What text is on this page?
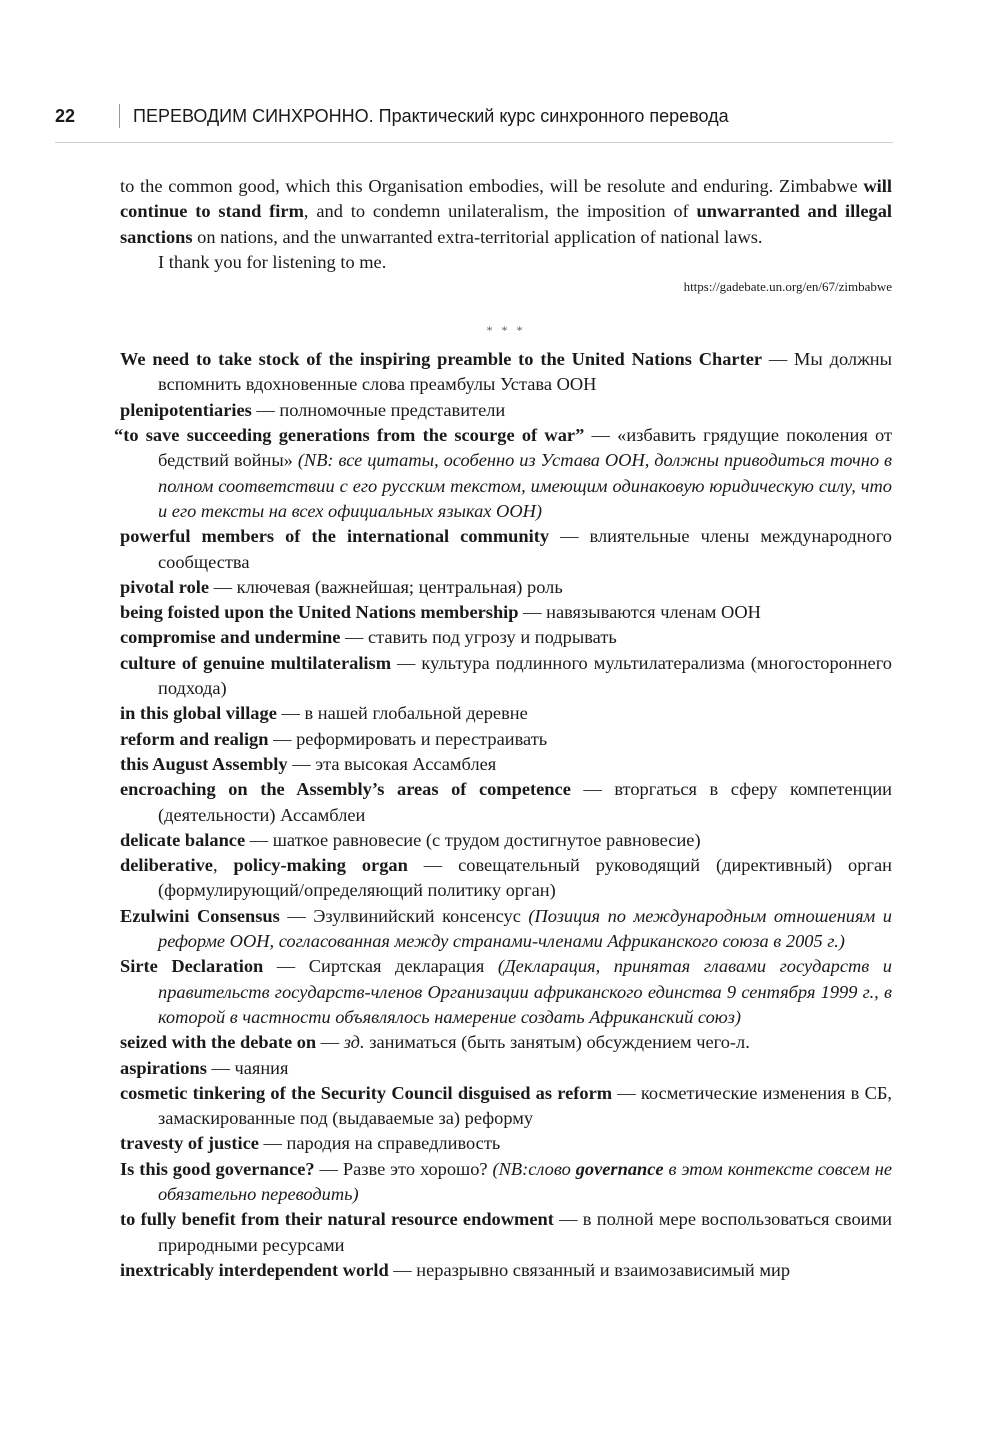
22	ПЕРЕВОДИМ СИНХРОННО. Практический курс синхронного перевода

to the common good, which this Organisation embodies, will be resolute and enduring. Zimbabwe will continue to stand firm, and to condemn unilateralism, the imposition of unwarranted and illegal sanctions on nations, and the unwarranted extra-territorial application of national laws.

I thank you for listening to me.

https://gadebate.un.org/en/67/zimbabwe
* * *

We need to take stock of the inspiring preamble to the United Nations Charter — Мы должны вспомнить вдохновенные слова преамбулы Устава ООН

plenipotentiaries — полномочные представители

“to save succeeding generations from the scourge of war” — «избавить грядущие поколения от бедствий войны» (NB: все цитаты, особенно из Устава ООН, должны приводиться точно в полном соответствии с его русским текстом, имеющим одинаковую юридическую силу, что и его тексты на всех официальных языках ООН)

powerful members of the international community — влиятельные члены международного сообщества

pivotal role — ключевая (важнейшая; центральная) роль

being foisted upon the United Nations membership — навязываются членам ООН

compromise and undermine — ставить под угрозу и подрывать

culture of genuine multilateralism — культура подлинного мультилатерализма (многостороннего подхода)

in this global village — в нашей глобальной деревне

reform and realign — реформировать и перестраивать

this August Assembly — эта высокая Ассамблея

encroaching on the Assembly’s areas of competence — вторгаться в сферу компетенции (деятельности) Ассамблеи

delicate balance — шаткое равновесие (с трудом достигнутое равновесие)

deliberative, policy-making organ — совещательный руководящий (директивный) орган (формулирующий/определяющий политику орган)

Ezulwini Consensus — Эзулвинийский консенсус (Позиция по международным отношениям и реформе ООН, согласованная между странами-членами Африканского союза в 2005 г.)

Sirte Declaration — Сиртская декларация (Декларация, принятая главами государств и правительств государств-членов Организации африканского единства 9 сентября 1999 г., в которой в частности объявлялось намерение создать Африканский союз)

seized with the debate on — зд. заниматься (быть занятым) обсуждением чего-л.

aspirations — чаяния

cosmetic tinkering of the Security Council disguised as reform — косметические изменения в СБ, замаскированные под (выдаваемые за) реформу

travesty of justice — пародия на справедливость

Is this good governance? — Разве это хорошо? (NB:слово governance в этом контексте совсем не обязательно переводить)

to fully benefit from their natural resource endowment — в полной мере воспользоваться своими природными ресурсами

inextricably interdependent world — неразрывно связанный и взаимозависимый мир
